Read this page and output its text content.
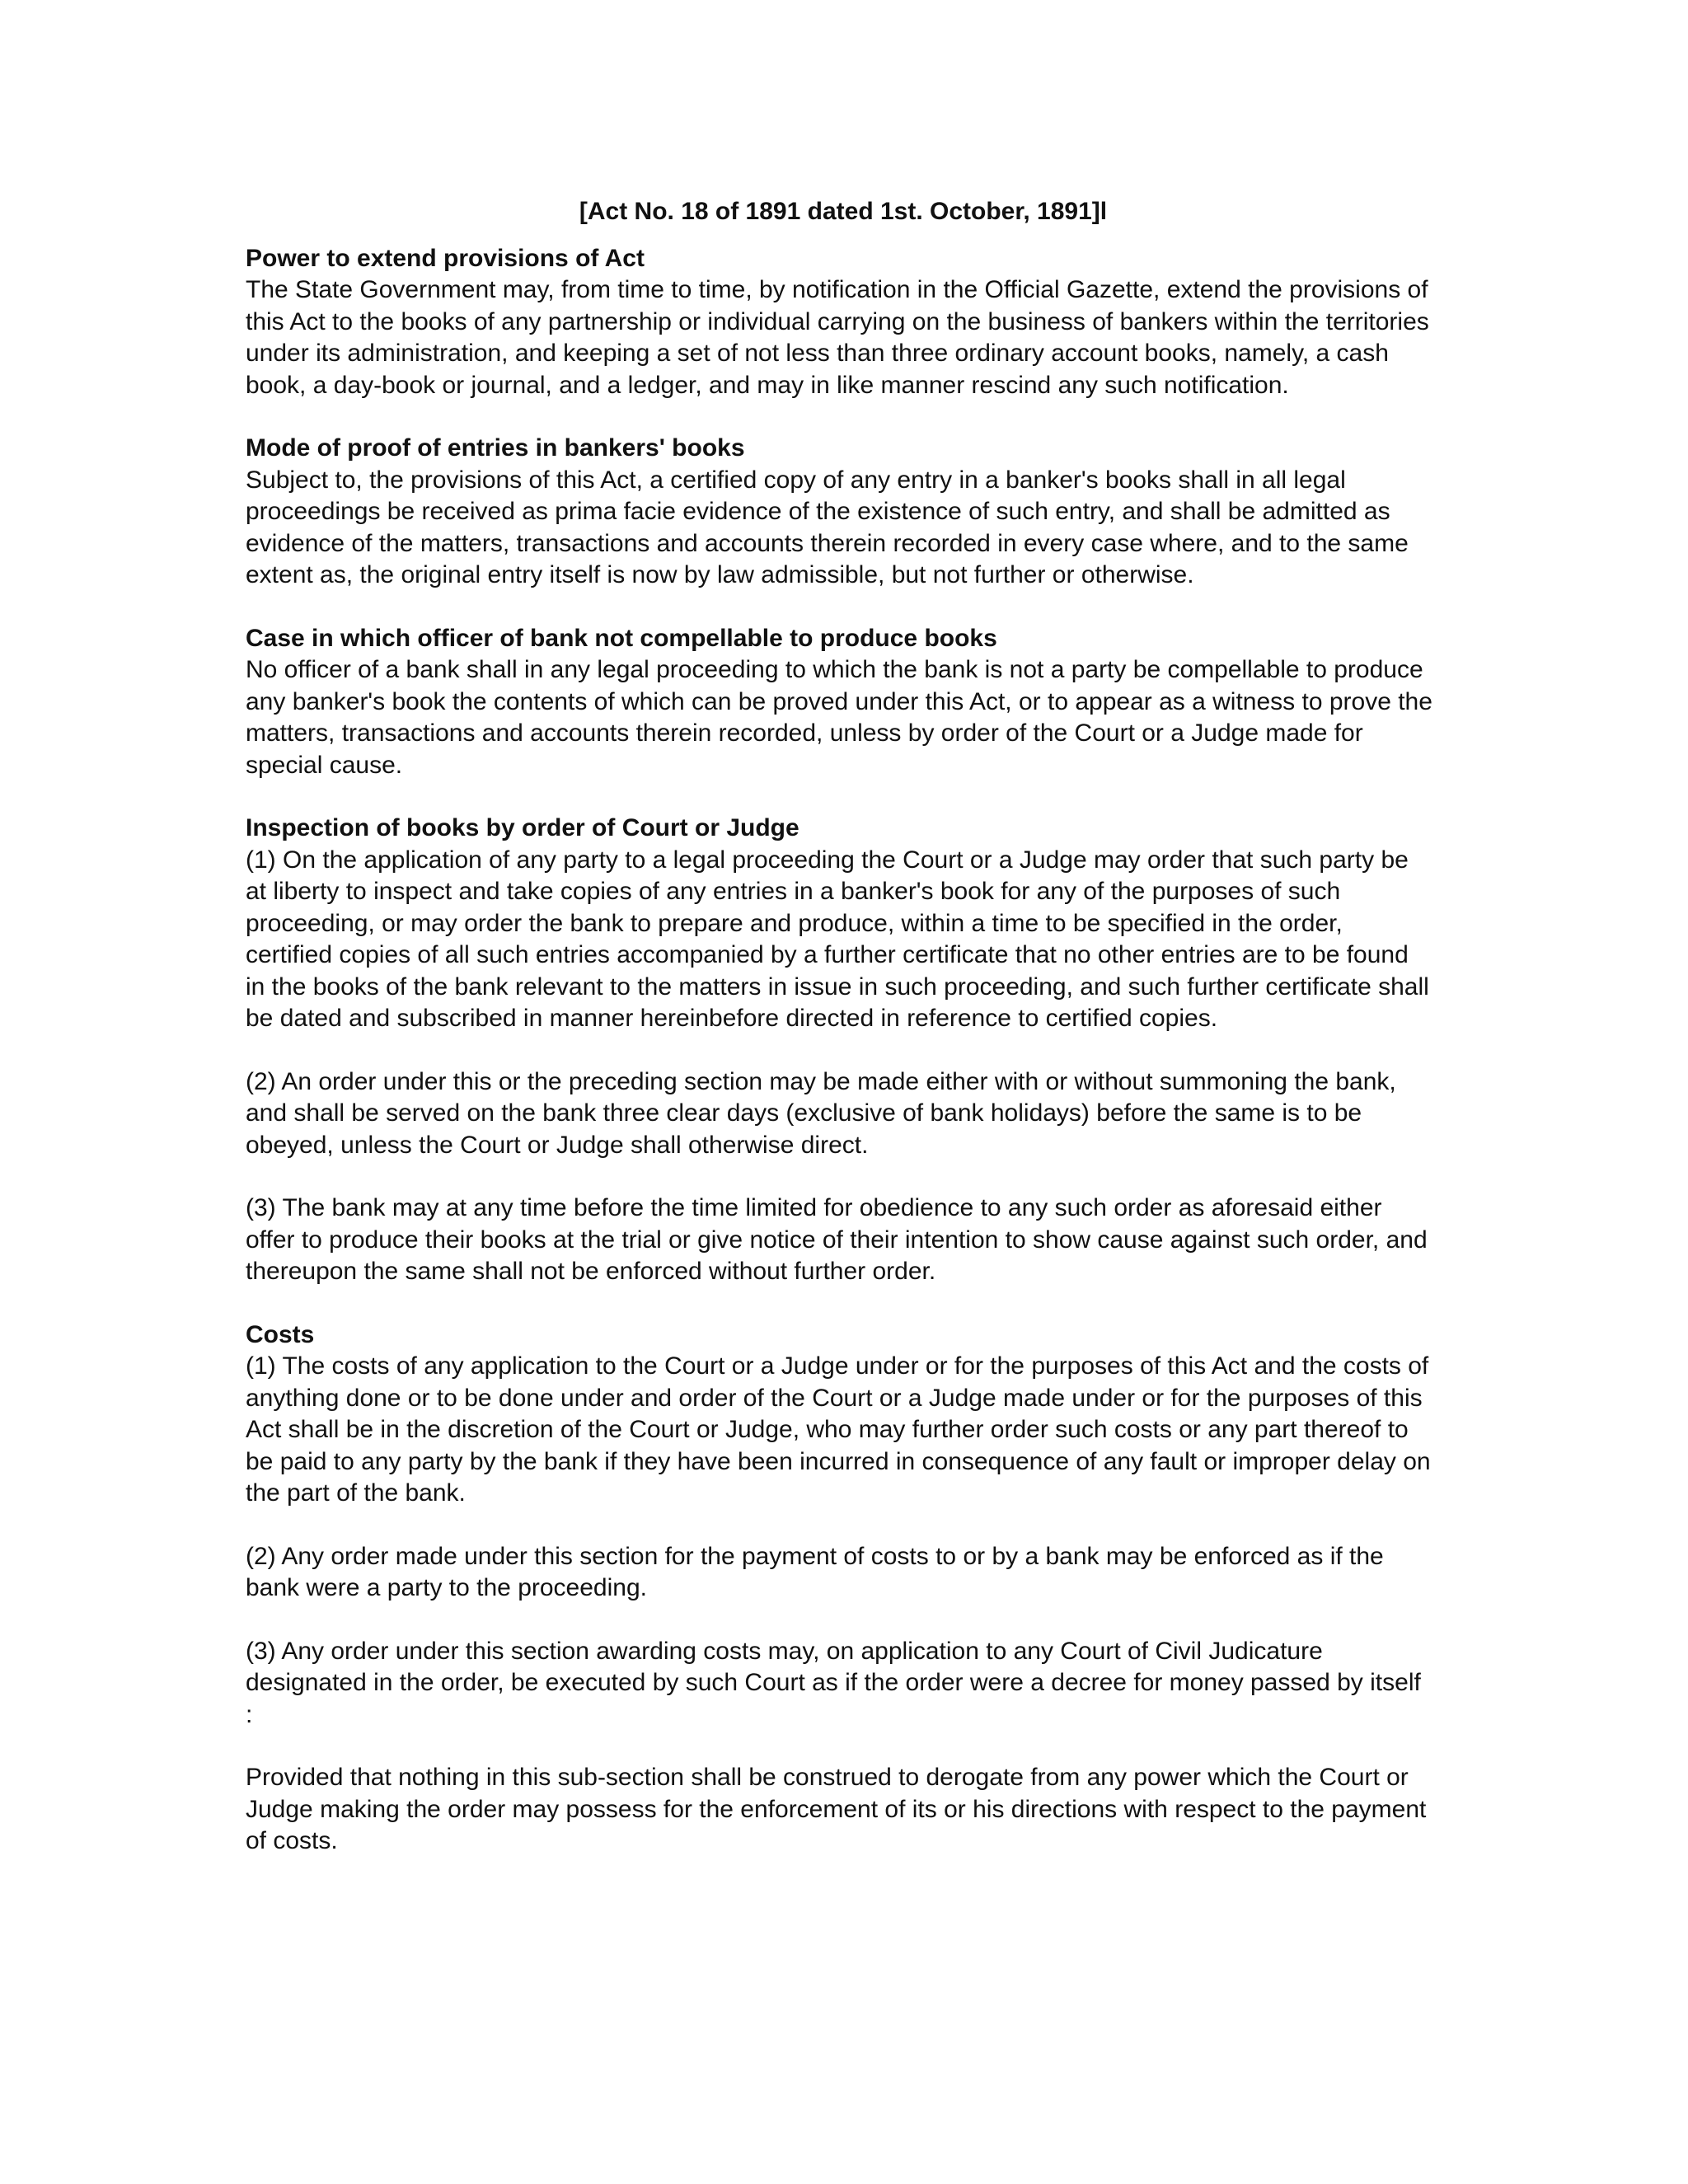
[Act No. 18 of 1891 dated 1st. October, 1891]l
Power to extend provisions of Act
The State Government may, from time to time, by notification in the Official Gazette, extend the provisions of this Act to the books of any partnership or individual carrying on the business of bankers within the territories under its administration, and keeping a set of not less than three ordinary account books, namely, a cash book, a day-book or journal, and a ledger, and may in like manner rescind any such notification.
Mode of proof of entries in bankers' books
Subject to, the provisions of this Act, a certified copy of any entry in a banker's books shall in all legal proceedings be received as prima facie evidence of the existence of such entry, and shall be admitted as evidence of the matters, transactions and accounts therein recorded in every case where, and to the same extent as, the original entry itself is now by law admissible, but not further or otherwise.
Case in which officer of bank not compellable to produce books
No officer of a bank shall in any legal proceeding to which the bank is not a party be compellable to produce any banker's book the contents of which can be proved under this Act, or to appear as a witness to prove the matters, transactions and accounts therein recorded, unless by order of the Court or a Judge made for special cause.
Inspection of books by order of Court or Judge
(1) On the application of any party to a legal proceeding the Court or a Judge may order that such party be at liberty to inspect and take copies of any entries in a banker's book for any of the purposes of such proceeding, or may order the bank to prepare and produce, within a time to be specified in the order, certified copies of all such entries accompanied by a further certificate that no other entries are to be found in the books of the bank relevant to the matters in issue in such proceeding, and such further certificate shall be dated and subscribed in manner hereinbefore directed in reference to certified copies.
(2) An order under this or the preceding section may be made either with or without summoning the bank, and shall be served on the bank three clear days (exclusive of bank holidays) before the same is to be obeyed, unless the Court or Judge shall otherwise direct.
(3) The bank may at any time before the time limited for obedience to any such order as aforesaid either offer to produce their books at the trial or give notice of their intention to show cause against such order, and thereupon the same shall not be enforced without further order.
Costs
(1) The costs of any application to the Court or a Judge under or for the purposes of this Act and the costs of anything done or to be done under and order of the Court or a Judge made under or for the purposes of this Act shall be in the discretion of the Court or Judge, who may further order such costs or any part thereof to be paid to any party by the bank if they have been incurred in consequence of any fault or improper delay on the part of the bank.
(2) Any order made under this section for the payment of costs to or by a bank may be enforced as if the bank were a party to the proceeding.
(3) Any order under this section awarding costs may, on application to any Court of Civil Judicature designated in the order, be executed by such Court as if the order were a decree for money passed by itself :
Provided that nothing in this sub-section shall be construed to derogate from any power which the Court or Judge making the order may possess for the enforcement of its or his directions with respect to the payment of costs.
